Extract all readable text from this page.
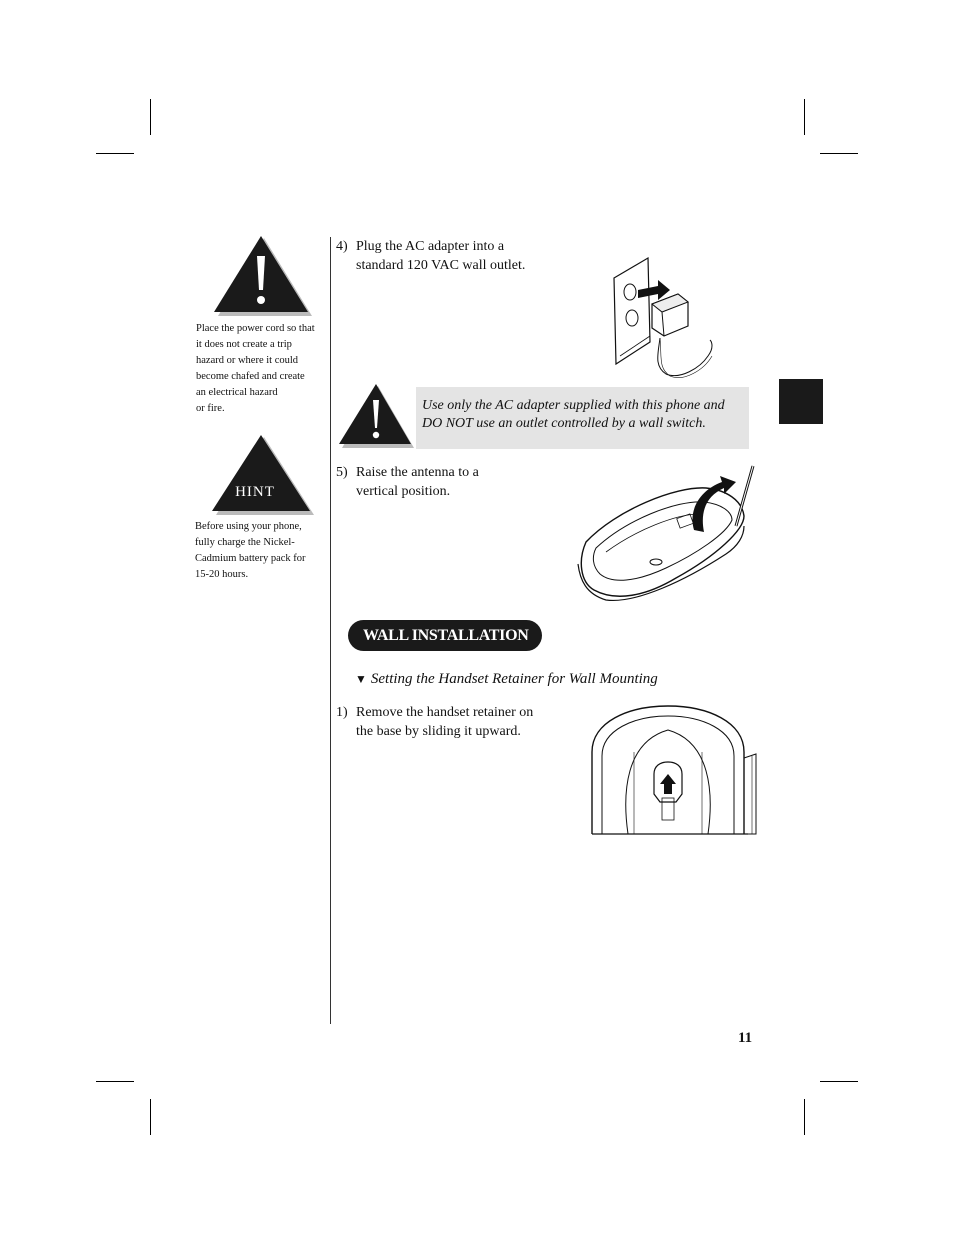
Place the power cord so that
it does not create a trip
hazard or where it could
become chafed and create
an electrical hazard
or fire.
HINT
Before using your phone,
fully charge the Nickel-
Cadmium battery pack for
15-20 hours.
4) Plug the AC adapter into a
standard 120 VAC wall outlet.
Use only the AC adapter supplied with this phone and
DO NOT use an outlet controlled by a wall switch.
5) Raise the antenna to a
vertical position.
WALL INSTALLATION
▼ Setting the Handset Retainer for Wall Mounting
1) Remove the handset retainer on
the base by sliding it upward.
11
